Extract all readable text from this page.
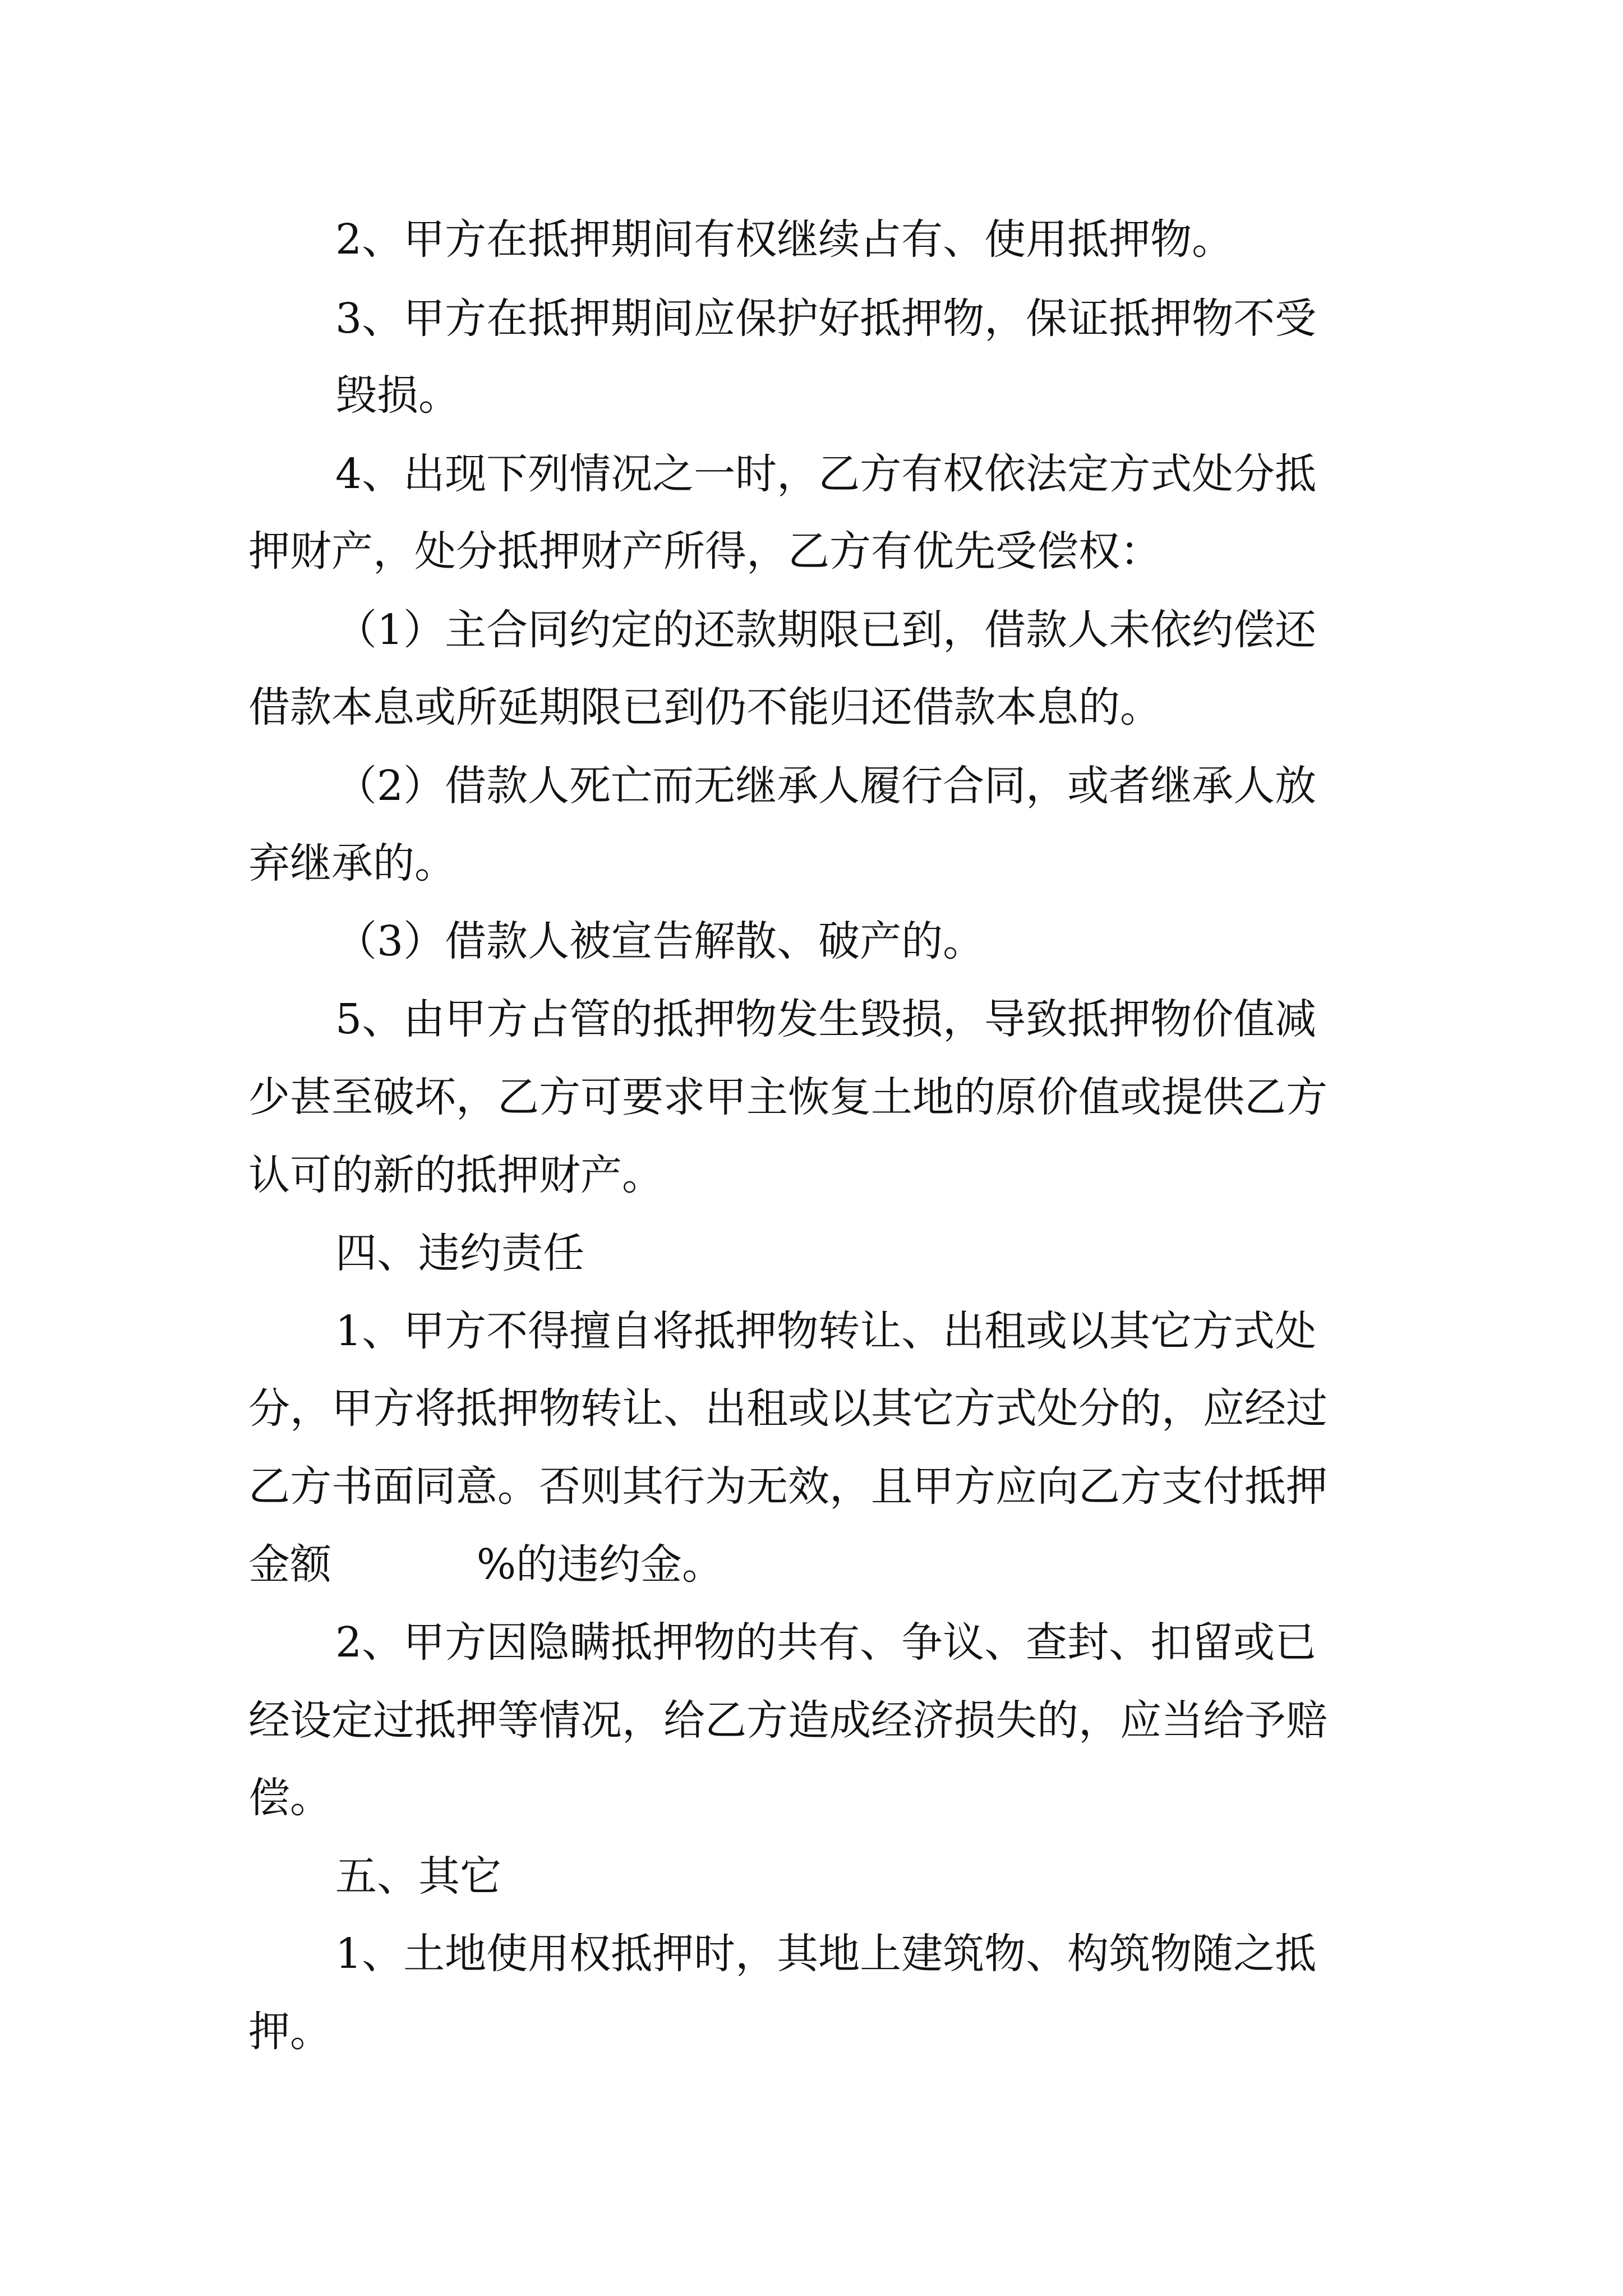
2、甲方在抵押期间有权继续占有、使用抵押物。

3、甲方在抵押期间应保护好抵押物，保证抵押物不受

毁损。

4、出现下列情况之一时，乙方有权依法定方式处分抵

押财产，处分抵押财产所得，乙方有优先受偿权：

（1）主合同约定的还款期限已到，借款人未依约偿还

借款本息或所延期限已到仍不能归还借款本息的。

（2）借款人死亡而无继承人履行合同，或者继承人放

弃继承的。

（3）借款人被宣告解散、破产的。

5、由甲方占管的抵押物发生毁损，导致抵押物价值减

少甚至破坏，乙方可要求甲主恢复土地的原价值或提供乙方

认可的新的抵押财产。

四、违约责任

1、甲方不得擅自将抵押物转让、出租或以其它方式处

分，甲方将抵押物转让、出租或以其它方式处分的，应经过

乙方书面同意。否则其行为无效，且甲方应向乙方支付抵押

金额           %的违约金。

2、甲方因隐瞒抵押物的共有、争议、查封、扣留或已

经设定过抵押等情况，给乙方造成经济损失的，应当给予赔

偿。

五、其它

1、土地使用权抵押时，其地上建筑物、构筑物随之抵

押。
